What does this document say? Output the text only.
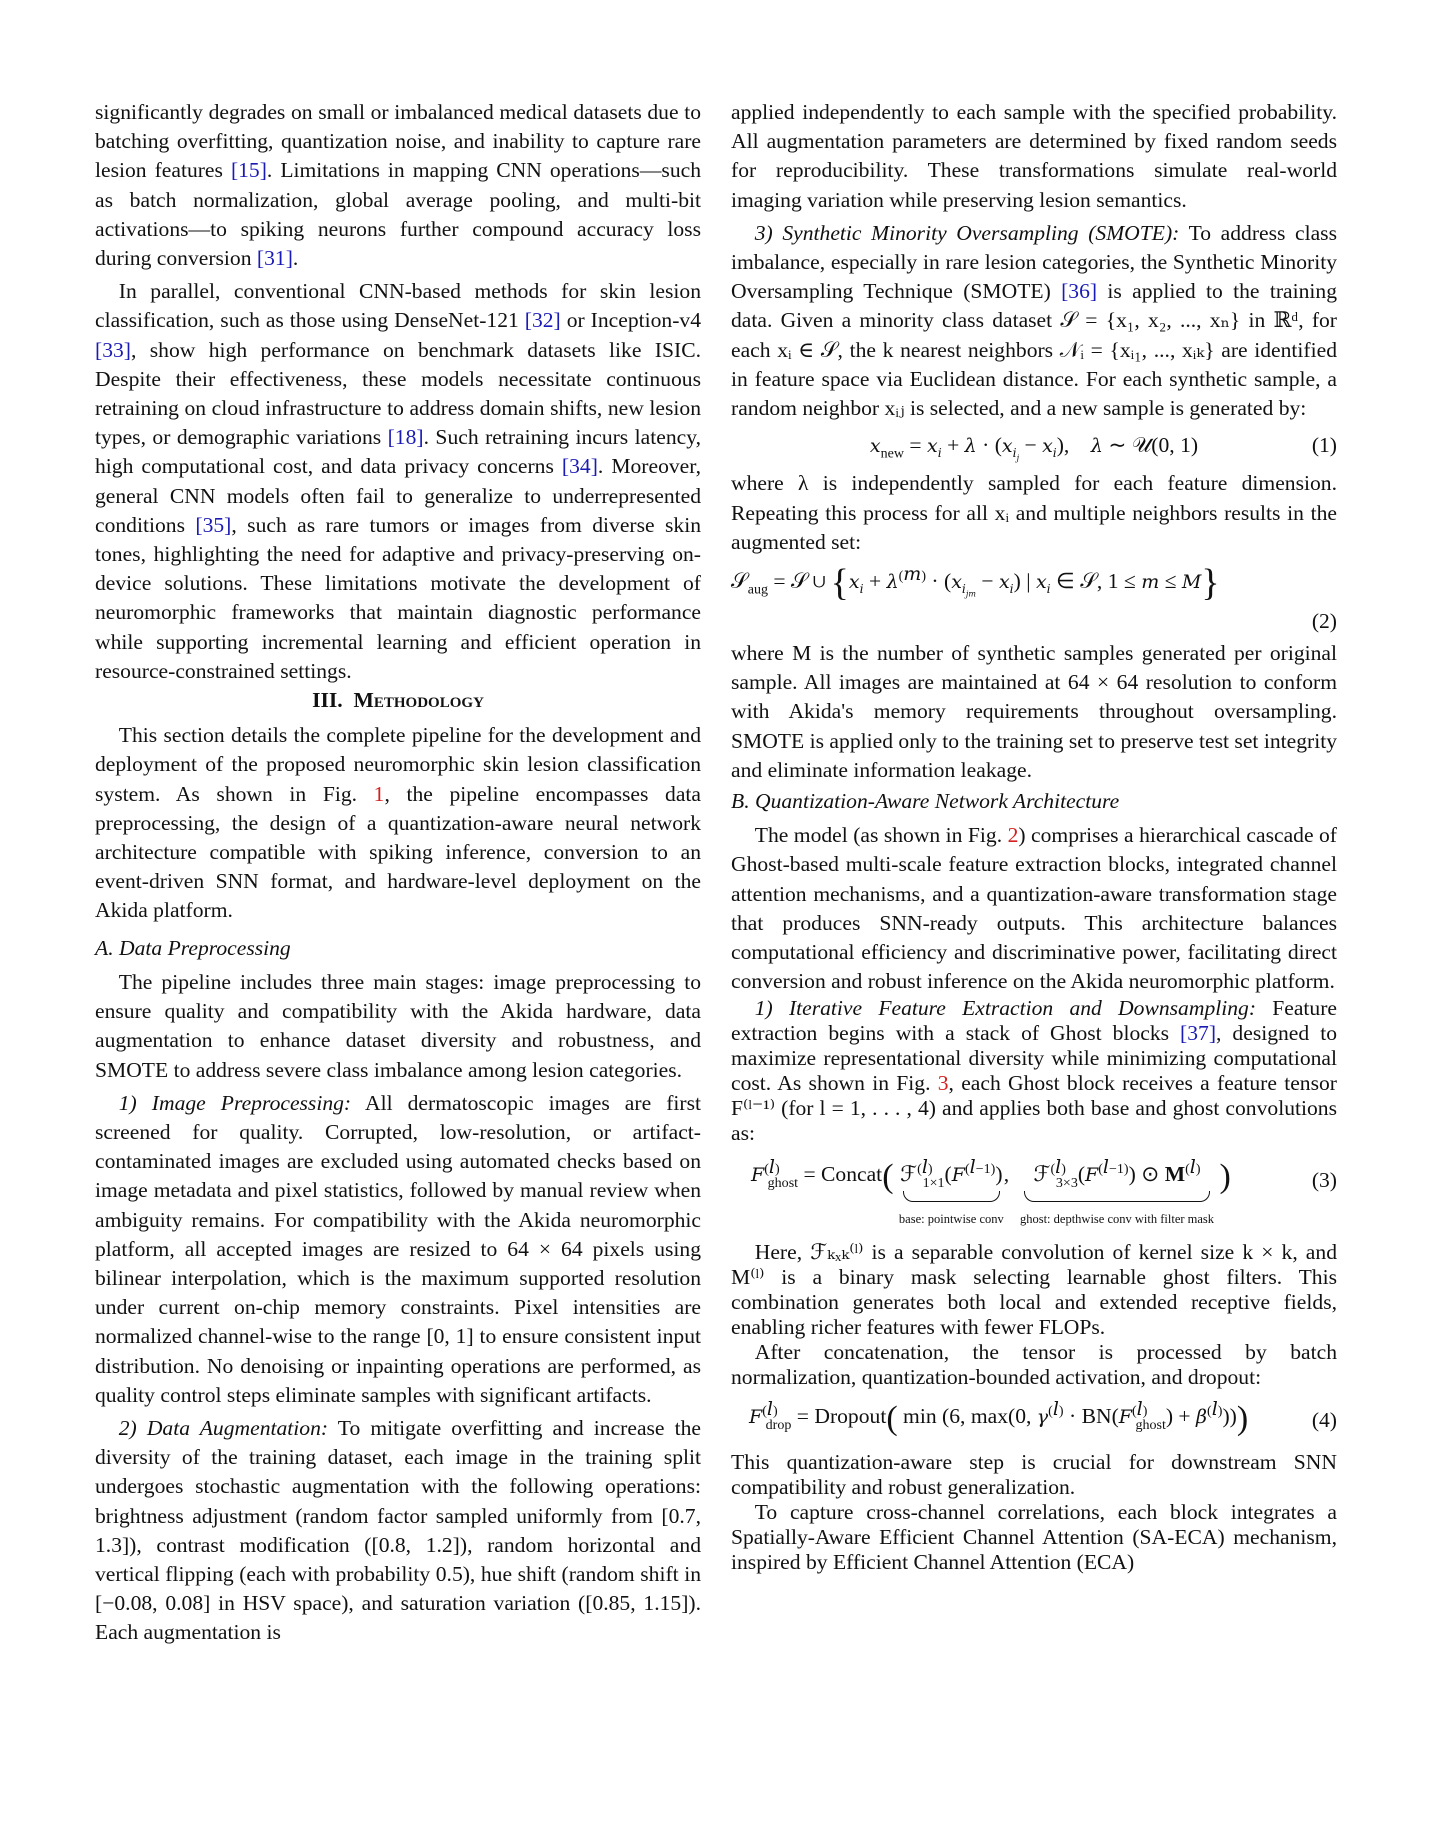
significantly degrades on small or imbalanced medical datasets due to batching overfitting, quantization noise, and inability to capture rare lesion features [15]. Limitations in mapping CNN operations—such as batch normalization, global average pooling, and multi-bit activations—to spiking neurons further compound accuracy loss during conversion [31].

In parallel, conventional CNN-based methods for skin lesion classification, such as those using DenseNet-121 [32] or Inception-v4 [33], show high performance on benchmark datasets like ISIC. Despite their effectiveness, these models necessitate continuous retraining on cloud infrastructure to address domain shifts, new lesion types, or demographic variations [18]. Such retraining incurs latency, high computational cost, and data privacy concerns [34]. Moreover, general CNN models often fail to generalize to underrepresented conditions [35], such as rare tumors or images from diverse skin tones, highlighting the need for adaptive and privacy-preserving on-device solutions. These limitations motivate the development of neuromorphic frameworks that maintain diagnostic performance while supporting incremental learning and efficient operation in resource-constrained settings.

III. Methodology

This section details the complete pipeline for the development and deployment of the proposed neuromorphic skin lesion classification system. As shown in Fig. 1, the pipeline encompasses data preprocessing, the design of a quantization-aware neural network architecture compatible with spiking inference, conversion to an event-driven SNN format, and hardware-level deployment on the Akida platform.

A. Data Preprocessing

The pipeline includes three main stages: image preprocessing to ensure quality and compatibility with the Akida hardware, data augmentation to enhance dataset diversity and robustness, and SMOTE to address severe class imbalance among lesion categories.

1) Image Preprocessing: All dermatoscopic images are first screened for quality. Corrupted, low-resolution, or artifact-contaminated images are excluded using automated checks based on image metadata and pixel statistics, followed by manual review when ambiguity remains. For compatibility with the Akida neuromorphic platform, all accepted images are resized to 64 × 64 pixels using bilinear interpolation, which is the maximum supported resolution under current on-chip memory constraints. Pixel intensities are normalized channel-wise to the range [0, 1] to ensure consistent input distribution. No denoising or inpainting operations are performed, as quality control steps eliminate samples with significant artifacts.

2) Data Augmentation: To mitigate overfitting and increase the diversity of the training dataset, each image in the training split undergoes stochastic augmentation with the following operations: brightness adjustment (random factor sampled uniformly from [0.7, 1.3]), contrast modification ([0.8, 1.2]), random horizontal and vertical flipping (each with probability 0.5), hue shift (random shift in [−0.08, 0.08] in HSV space), and saturation variation ([0.85, 1.15]). Each augmentation is

applied independently to each sample with the specified probability. All augmentation parameters are determined by fixed random seeds for reproducibility. These transformations simulate real-world imaging variation while preserving lesion semantics.

3) Synthetic Minority Oversampling (SMOTE): To address class imbalance, especially in rare lesion categories, the Synthetic Minority Oversampling Technique (SMOTE) [36] is applied to the training data. Given a minority class dataset 𝒮 = {x₁, x₂, ..., xₙ} in ℝᵈ, for each xᵢ ∈ 𝒮, the k nearest neighbors 𝒩ᵢ = {xᵢ₁, ..., xᵢₖ} are identified in feature space via Euclidean distance. For each synthetic sample, a random neighbor xᵢⱼ is selected, and a new sample is generated by:

$x_{new} = x_i + \lambda \cdot (x_{i_j} - x_i)$,    λ ∼ 𝒰(0, 1)	(1)

where λ is independently sampled for each feature dimension. Repeating this process for all xᵢ and multiple neighbors results in the augmented set:

𝒮$_{aug}$ = 𝒮 ∪ {$x_i + \lambda^{(m)} \cdot (x_{i_{jm}} - x_i)$ | $x_i$ ∈ 𝒮, 1 ≤ m ≤ M}
(2)

where M is the number of synthetic samples generated per original sample. All images are maintained at 64 × 64 resolution to conform with Akida's memory requirements throughout oversampling. SMOTE is applied only to the training set to preserve test set integrity and eliminate information leakage.

B. Quantization-Aware Network Architecture

The model (as shown in Fig. 2) comprises a hierarchical cascade of Ghost-based multi-scale feature extraction blocks, integrated channel attention mechanisms, and a quantization-aware transformation stage that produces SNN-ready outputs. This architecture balances computational efficiency and discriminative power, facilitating direct conversion and robust inference on the Akida neuromorphic platform.

1) Iterative Feature Extraction and Downsampling: Feature extraction begins with a stack of Ghost blocks [37], designed to maximize representational diversity while minimizing computational cost. As shown in Fig. 3, each Ghost block receives a feature tensor F⁽ˡ⁻¹⁾ (for l = 1, . . . , 4) and applies both base and ghost convolutions as:

$F^{(l)}_{ghost}$ = Concat( $ℱ^{(l)}_{1\times 1}(F^{(l-1)})$
base: pointwise conv
,  $ℱ^{(l)}_{3\times 3}(F^{(l-1)})$ ⊙ $M^{(l)}$
ghost: depthwise conv with filter mask
)	(3)

Here, ℱₖₓₖ⁽ˡ⁾ is a separable convolution of kernel size k × k, and M⁽ˡ⁾ is a binary mask selecting learnable ghost filters. This combination generates both local and extended receptive fields, enabling richer features with fewer FLOPs.

After concatenation, the tensor is processed by batch normalization, quantization-bounded activation, and dropout:

$F^{(l)}_{drop}$ = Dropout( min (6, max(0, $\gamma^{(l)} \cdot BN(F^{(l)}_{ghost}) + \beta^{(l)}$)))	(4)

This quantization-aware step is crucial for downstream SNN compatibility and robust generalization.

To capture cross-channel correlations, each block integrates a Spatially-Aware Efficient Channel Attention (SA-ECA) mechanism, inspired by Efficient Channel Attention (ECA)
